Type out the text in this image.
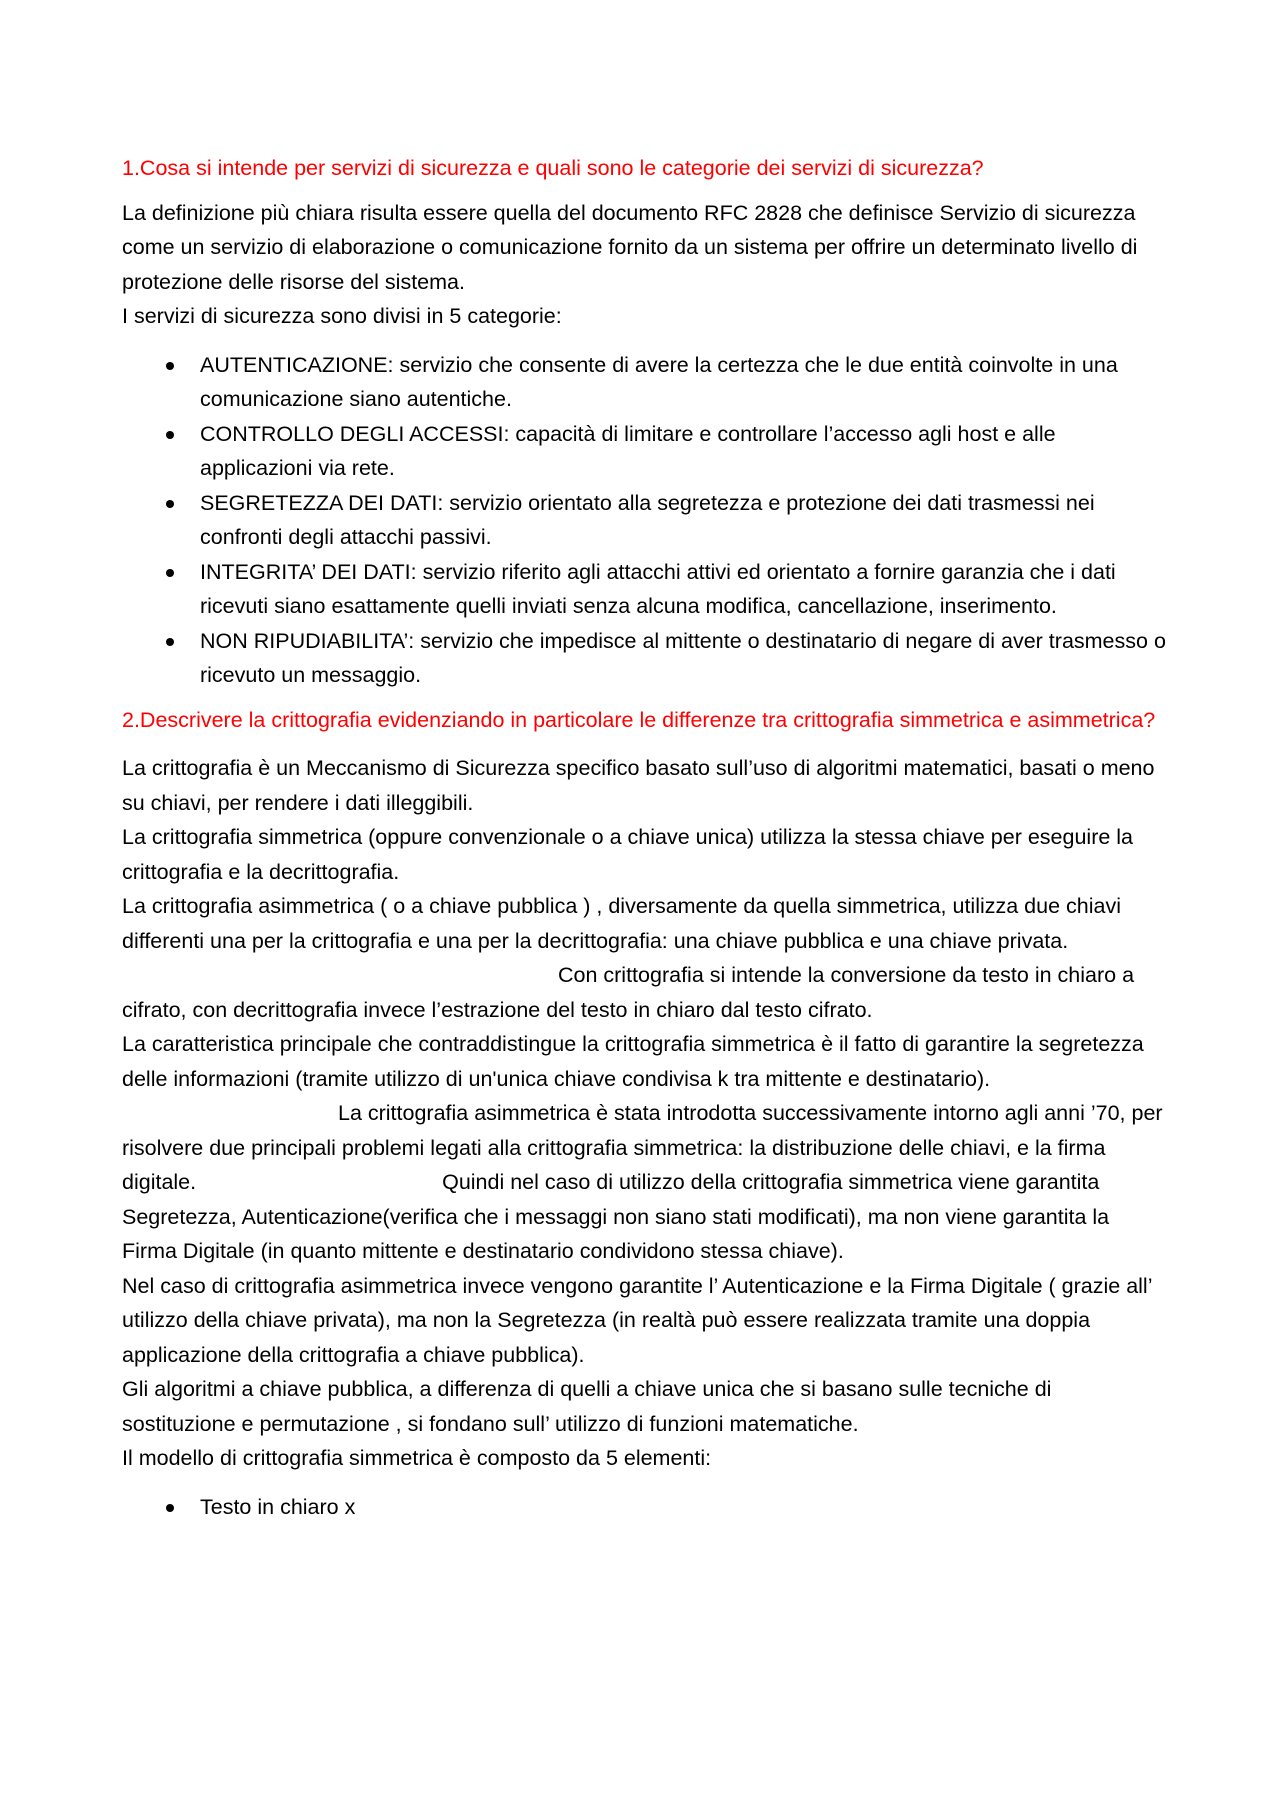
1.Cosa si intende per servizi di sicurezza e quali sono le categorie dei servizi di sicurezza?

La definizione più chiara risulta essere quella del documento RFC 2828 che definisce Servizio di sicurezza come un servizio di elaborazione o comunicazione fornito da un sistema per offrire un determinato livello di protezione delle risorse del sistema.
I servizi di sicurezza sono divisi in 5 categorie:

AUTENTICAZIONE: servizio che consente di avere la certezza che le due entità coinvolte in una comunicazione siano autentiche.
CONTROLLO DEGLI ACCESSI: capacità di limitare e controllare l’accesso agli host e alle applicazioni via rete.
SEGRETEZZA DEI DATI: servizio orientato alla segretezza e protezione dei dati trasmessi nei confronti degli attacchi passivi.
INTEGRITA’ DEI DATI: servizio riferito agli attacchi attivi ed orientato a fornire garanzia che i dati ricevuti siano esattamente quelli inviati senza alcuna modifica, cancellazione, inserimento.
NON RIPUDIABILITA’: servizio che impedisce al mittente o destinatario di negare di aver trasmesso o ricevuto un messaggio.

2.Descrivere la crittografia evidenziando in particolare le differenze tra crittografia simmetrica e asimmetrica?

La crittografia è un Meccanismo di Sicurezza specifico basato sull’uso di algoritmi matematici, basati o meno su chiavi, per rendere i dati illeggibili.
La crittografia simmetrica (oppure convenzionale o a chiave unica) utilizza la stessa chiave per eseguire la crittografia e la decrittografia.
La crittografia asimmetrica ( o a chiave pubblica ) , diversamente da quella simmetrica, utilizza due chiavi differenti una per la crittografia e una per la decrittografia: una chiave pubblica e una chiave privata. Con crittografia si intende la conversione da testo in chiaro a cifrato, con decrittografia invece l’estrazione del testo in chiaro dal testo cifrato.
La caratteristica principale che contraddistingue la crittografia simmetrica è il fatto di garantire la segretezza delle informazioni (tramite utilizzo di un'unica chiave condivisa k tra mittente e destinatario). La crittografia asimmetrica è stata introdotta successivamente intorno agli anni ’70, per risolvere due principali problemi legati alla crittografia simmetrica: la distribuzione delle chiavi, e la firma digitale.	Quindi nel caso di utilizzo della crittografia simmetrica viene garantita Segretezza, Autenticazione(verifica che i messaggi non siano stati modificati), ma non viene garantita la Firma Digitale (in quanto mittente e destinatario condividono stessa chiave).
Nel caso di crittografia asimmetrica invece vengono garantite l’ Autenticazione e la Firma Digitale ( grazie all’ utilizzo della chiave privata), ma non la Segretezza (in realtà può essere realizzata tramite una doppia applicazione della crittografia a chiave pubblica).
Gli algoritmi a chiave pubblica, a differenza di quelli a chiave unica che si basano sulle tecniche di sostituzione e permutazione , si fondano sull’ utilizzo di funzioni matematiche.
Il modello di crittografia simmetrica è composto da 5 elementi:

Testo in chiaro x
